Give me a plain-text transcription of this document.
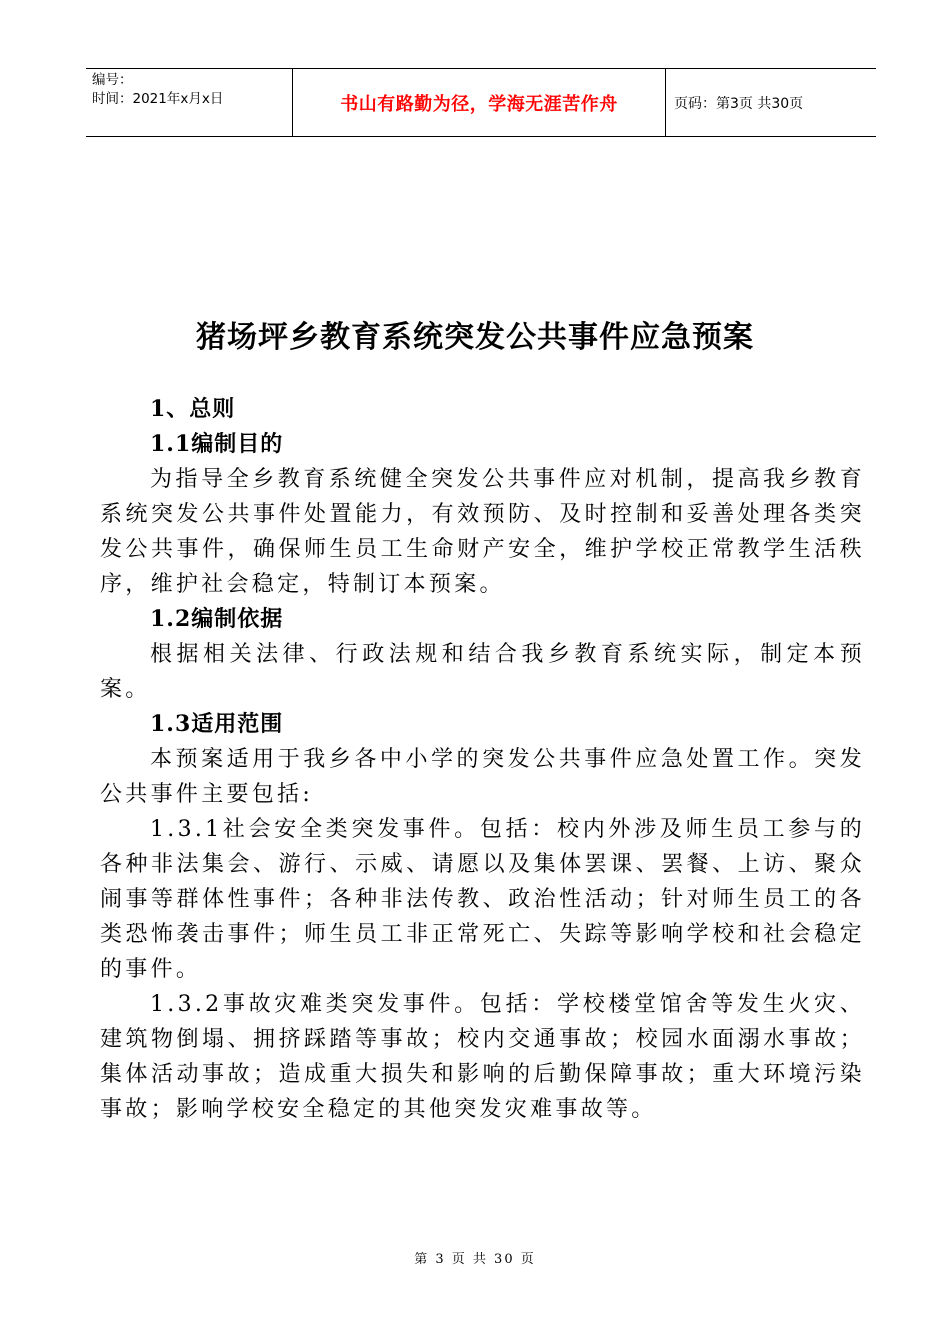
编号：
时间：2021年x月x日	书山有路勤为径，学海无涯苦作舟	页码：第3页 共30页
猪场坪乡教育系统突发公共事件应急预案

1、总则

1.1编制目的

为指导全乡教育系统健全突发公共事件应对机制，提高我乡教育系统突发公共事件处置能力，有效预防、及时控制和妥善处理各类突发公共事件，确保师生员工生命财产安全，维护学校正常教学生活秩序，维护社会稳定，特制订本预案。

1.2编制依据

根据相关法律、行政法规和结合我乡教育系统实际，制定本预案。

1.3适用范围

本预案适用于我乡各中小学的突发公共事件应急处置工作。突发公共事件主要包括:

1.3.1社会安全类突发事件。包括：校内外涉及师生员工参与的各种非法集会、游行、示威、请愿以及集体罢课、罢餐、上访、聚众闹事等群体性事件；各种非法传教、政治性活动；针对师生员工的各类恐怖袭击事件；师生员工非正常死亡、失踪等影响学校和社会稳定的事件。

1.3.2事故灾难类突发事件。包括：学校楼堂馆舍等发生火灾、建筑物倒塌、拥挤踩踏等事故；校内交通事故；校园水面溺水事故；集体活动事故；造成重大损失和影响的后勤保障事故；重大环境污染事故；影响学校安全稳定的其他突发灾难事故等。

第 3 页 共 30 页
